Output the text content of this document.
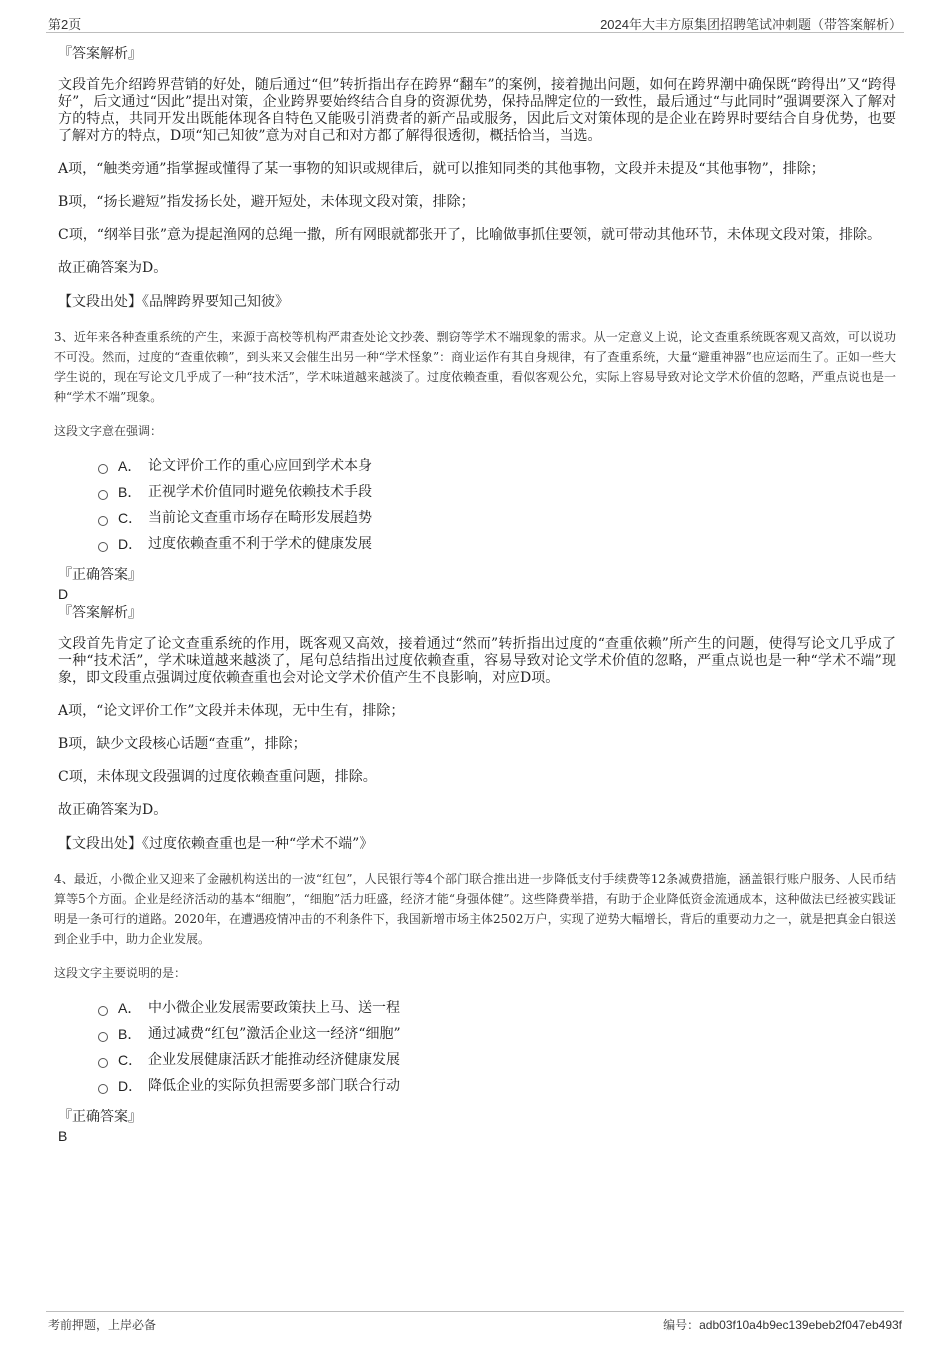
第2页	2024年大丰方原集团招聘笔试冲刺题（带答案解析）
『答案解析』

文段首先介绍跨界营销的好处，随后通过“但”转折指出存在跨界“翻车”的案例，接着抛出问题，如何在跨界潮中确保既“跨得出”又“跨得好”，后文通过“因此”提出对策，企业跨界要始终结合自身的资源优势，保持品牌定位的一致性，最后通过“与此同时”强调要深入了解对方的特点，共同开发出既能体现各自特色又能吸引消费者的新产品或服务，因此后文对策体现的是企业在跨界时要结合自身优势，也要了解对方的特点，D项“知己知彼”意为对自己和对方都了解得很透彻，概括恰当，当选。

A项，“触类旁通”指掌握或懂得了某一事物的知识或规律后，就可以推知同类的其他事物，文段并未提及“其他事物”，排除；

B项，“扬长避短”指发扬长处，避开短处，未体现文段对策，排除；

C项，“纲举目张”意为提起渔网的总绳一撒，所有网眼就都张开了，比喻做事抓住要领，就可带动其他环节，未体现文段对策，排除。

故正确答案为D。

【文段出处】《品牌跨界要知己知彼》

3、近年来各种查重系统的产生，来源于高校等机构严肃查处论文抄袭、剽窃等学术不端现象的需求。从一定意义上说，论文查重系统既客观又高效，可以说功不可没。然而，过度的“查重依赖”，到头来又会催生出另一种“学术怪象”：商业运作有其自身规律，有了查重系统，大量“避重神器”也应运而生了。正如一些大学生说的，现在写论文几乎成了一种“技术活”，学术味道越来越淡了。过度依赖查重，看似客观公允，实际上容易导致对论文学术价值的忽略，严重点说也是一种“学术不端”现象。

这段文字意在强调：

A． 论文评价工作的重心应回到学术本身
B． 正视学术价值同时避免依赖技术手段
C． 当前论文查重市场存在畸形发展趋势
D． 过度依赖查重不利于学术的健康发展
『正确答案』
D
『答案解析』

文段首先肯定了论文查重系统的作用，既客观又高效，接着通过“然而”转折指出过度的“查重依赖”所产生的问题，使得写论文几乎成了一种“技术活”，学术味道越来越淡了，尾句总结指出过度依赖查重，容易导致对论文学术价值的忽略，严重点说也是一种“学术不端”现象，即文段重点强调过度依赖查重也会对论文学术价值产生不良影响，对应D项。

A项，“论文评价工作”文段并未体现，无中生有，排除；

B项，缺少文段核心话题“查重”，排除；

C项，未体现文段强调的过度依赖查重问题，排除。

故正确答案为D。

【文段出处】《过度依赖查重也是一种“学术不端”》

4、最近，小微企业又迎来了金融机构送出的一波“红包”，人民银行等4个部门联合推出进一步降低支付手续费等12条减费措施，涵盖银行账户服务、人民币结算等5个方面。企业是经济活动的基本“细胞”，“细胞”活力旺盛，经济才能“身强体健”。这些降费举措，有助于企业降低资金流通成本，这种做法已经被实践证明是一条可行的道路。2020年，在遭遇疫情冲击的不利条件下，我国新增市场主体2502万户，实现了逆势大幅增长，背后的重要动力之一，就是把真金白银送到企业手中，助力企业发展。

这段文字主要说明的是：

A． 中小微企业发展需要政策扶上马、送一程
B． 通过减费“红包”激活企业这一经济“细胞”
C． 企业发展健康活跃才能推动经济健康发展
D． 降低企业的实际负担需要多部门联合行动
『正确答案』
B
考前押题，上岸必备	编号：adb03f10a4b9ec139ebeb2f047eb493f
